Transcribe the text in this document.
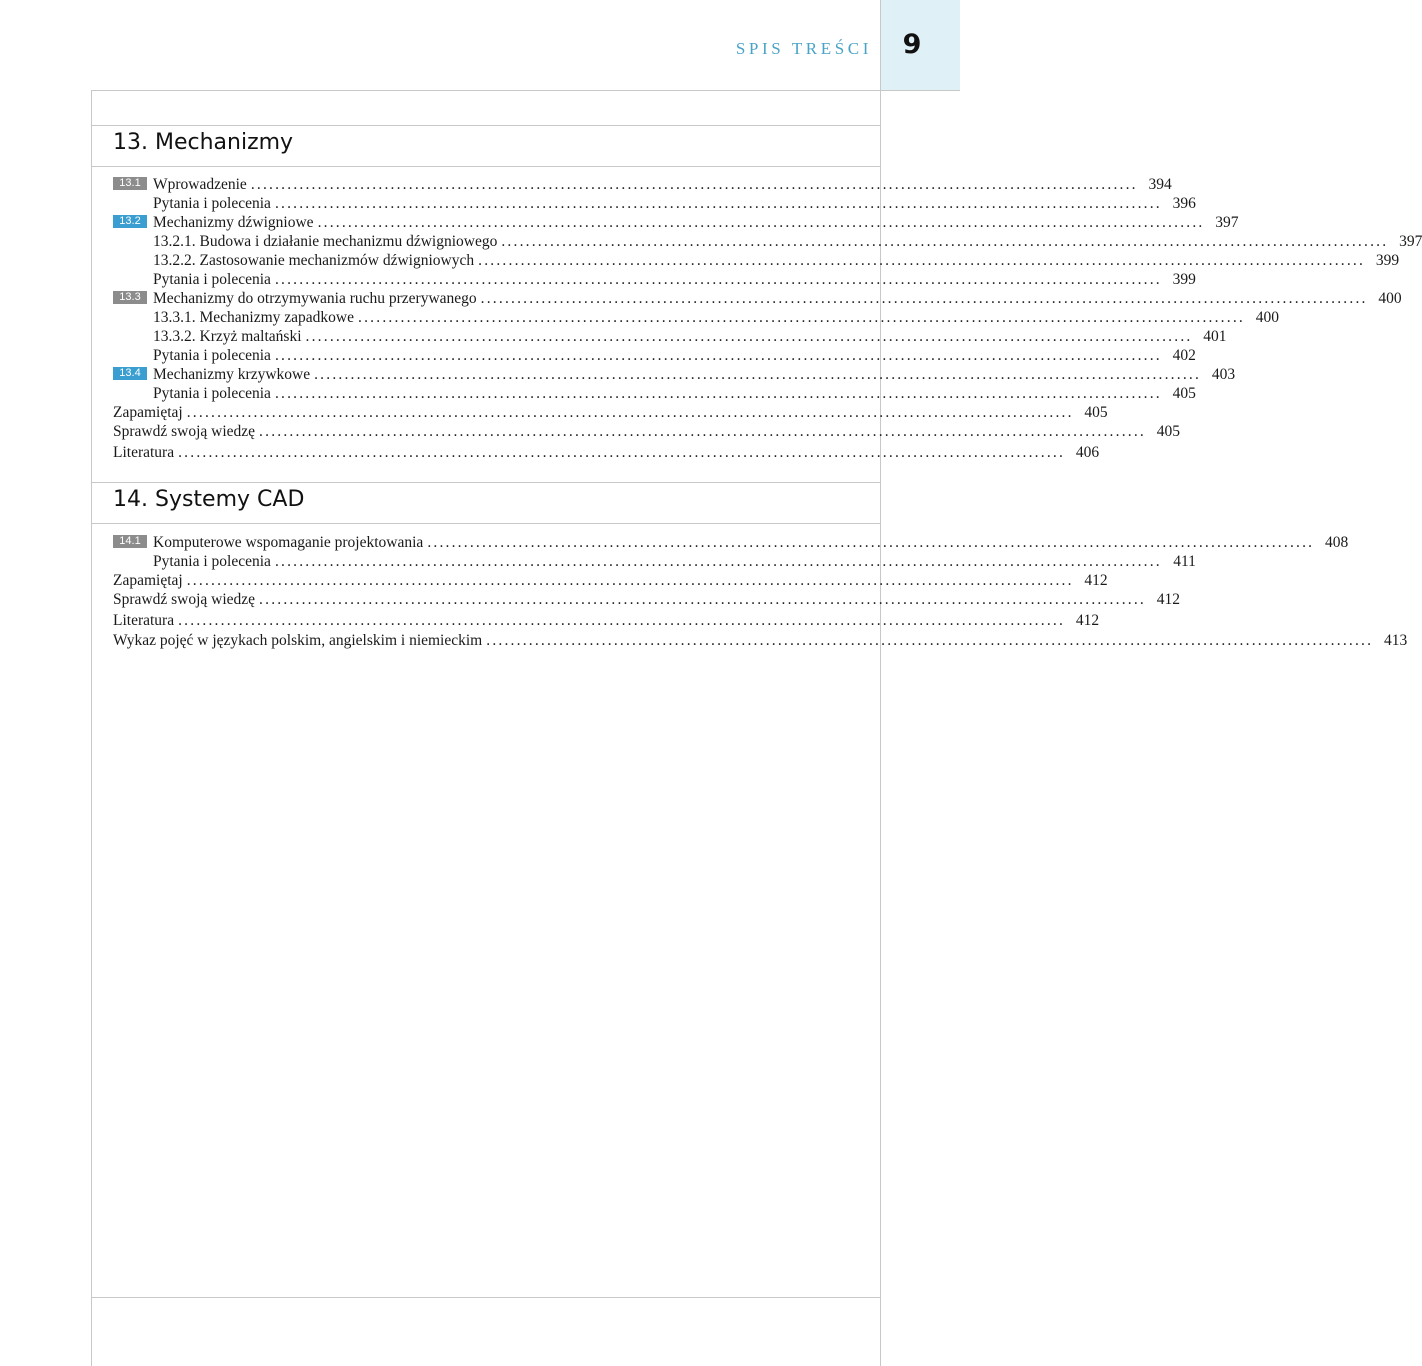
SPIS TREŚCI	9
13. Mechanizmy
13.1 Wprowadzenie .................................................................................................................................................. 394
Pytania i polecenia .................................................................................................................................................. 396
13.2 Mechanizmy dźwigniowe .................................................................................................................................................. 397
13.2.1. Budowa i działanie mechanizmu dźwigniowego .................................................................................................................................................. 397
13.2.2. Zastosowanie mechanizmów dźwigniowych .................................................................................................................................................. 399
Pytania i polecenia .................................................................................................................................................. 399
13.3 Mechanizmy do otrzymywania ruchu przerywanego .................................................................................................................................................. 400
13.3.1. Mechanizmy zapadkowe .................................................................................................................................................. 400
13.3.2. Krzyż maltański .................................................................................................................................................. 401
Pytania i polecenia .................................................................................................................................................. 402
13.4 Mechanizmy krzywkowe .................................................................................................................................................. 403
Pytania i polecenia .................................................................................................................................................. 405
Zapamiętaj .................................................................................................................................................. 405
Sprawdź swoją wiedzę .................................................................................................................................................. 405
Literatura .................................................................................................................................................. 406
14. Systemy CAD
14.1 Komputerowe wspomaganie projektowania .................................................................................................................................................. 408
Pytania i polecenia .................................................................................................................................................. 411
Zapamiętaj .................................................................................................................................................. 412
Sprawdź swoją wiedzę .................................................................................................................................................. 412
Literatura .................................................................................................................................................. 412
Wykaz pojęć w językach polskim, angielskim i niemieckim .................................................................................................................................................. 413
